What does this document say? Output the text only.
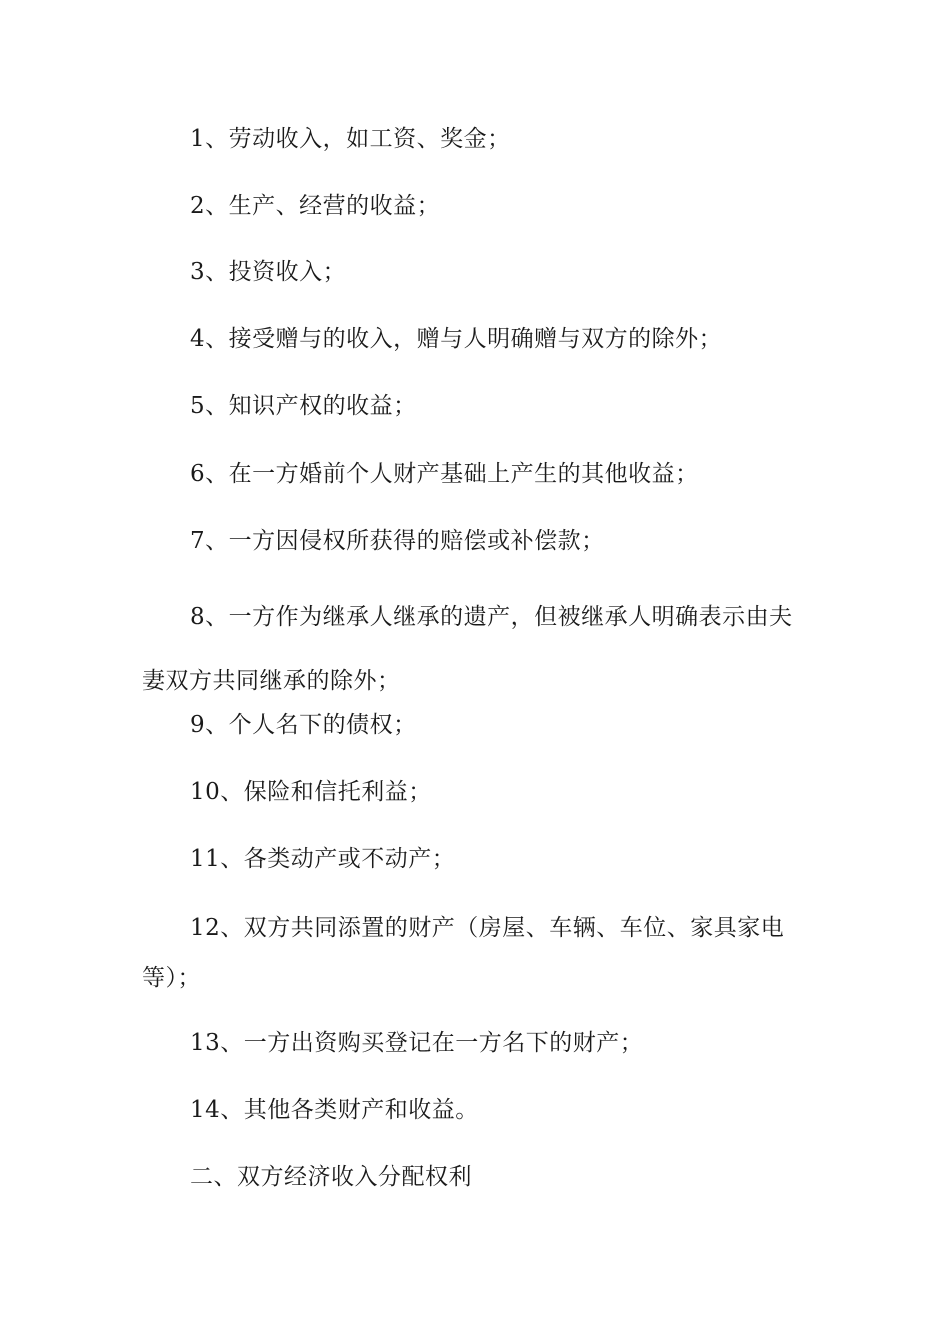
1、劳动收入，如工资、奖金；

2、生产、经营的收益；

3、投资收入；

4、接受赠与的收入，赠与人明确赠与双方的除外；

5、知识产权的收益；

6、在一方婚前个人财产基础上产生的其他收益；

7、一方因侵权所获得的赔偿或补偿款；

8、一方作为继承人继承的遗产，但被继承人明确表示由夫妻双方共同继承的除外；

9、个人名下的债权；

10、保险和信托利益；

11、各类动产或不动产；

12、双方共同添置的财产（房屋、车辆、车位、家具家电等）；

13、一方出资购买登记在一方名下的财产；

14、其他各类财产和收益。

二、双方经济收入分配权利
